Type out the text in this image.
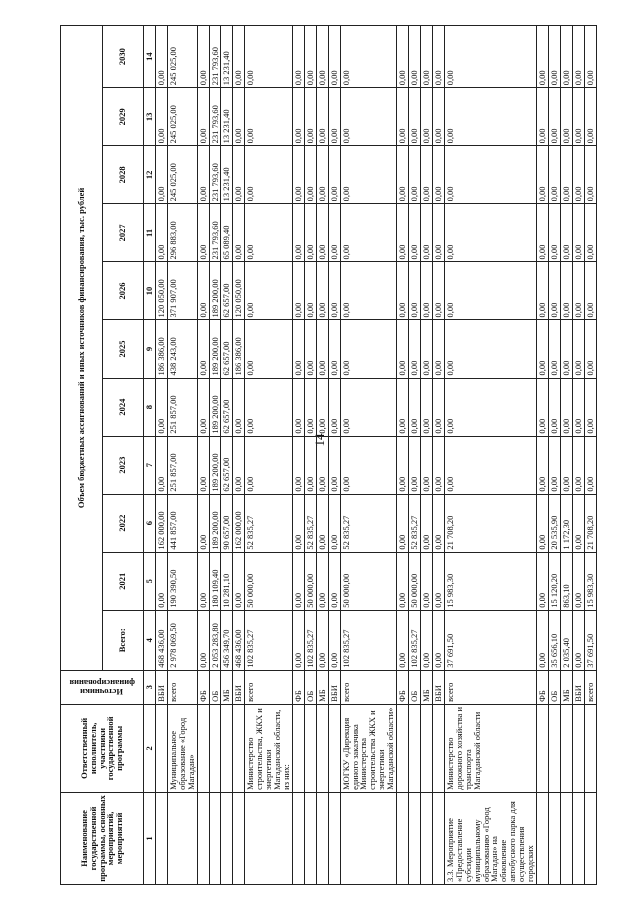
14
Наименование государственной программы, основных мероприятий, мероприятий	Ответственный исполнитель, участники государственной программы	Источники финансирования	Объем бюджетных ассигнований и иных источников финансирования, тыс. рублей										
			Всего:	2021	2022	2023	2024	2025	2026	2027	2028	2029	2030
1	2	3	4	5	6	7	8	9	10	11	12	13	14
		ВБИ	468 436,00	0,00	162 000,00	0,00	0,00	186 386,00	120 050,00	0,00	0,00	0,00	0,00
	Муниципальное образование «Город Магадан»	всего	2 978 069,50	190 390,50	441 857,00	251 857,00	251 857,00	438 243,00	371 907,00	296 883,00	245 025,00	245 025,00	245 025,00
		ФБ	0,00	0,00	0,00	0,00	0,00	0,00	0,00	0,00	0,00	0,00	0,00
		ОБ	2 053 283,80	180 109,40	189 200,00	189 200,00	189 200,00	189 200,00	189 200,00	231 793,60	231 793,60	231 793,60	231 793,60
		МБ	456 349,70	10 281,10	90 657,00	62 657,00	62 657,00	62 657,00	62 657,00	65 089,40	13 231,40	13 231,40	13 231,40
		ВБИ	468 436,00	0,00	162 000,00	0,00	0,00	186 386,00	120 050,00	0,00	0,00	0,00	0,00
	Министерство строительства, ЖКХ и энергетики Магаданской области, из них:	всего	102 835,27	50 000,00	52 835,27	0,00	0,00	0,00	0,00	0,00	0,00	0,00	0,00
		ФБ	0,00	0,00	0,00	0,00	0,00	0,00	0,00	0,00	0,00	0,00	0,00
		ОБ	102 835,27	50 000,00	52 835,27	0,00	0,00	0,00	0,00	0,00	0,00	0,00	0,00
		МБ	0,00	0,00	0,00	0,00	0,00	0,00	0,00	0,00	0,00	0,00	0,00
		ВБИ	0,00	0,00	0,00	0,00	0,00	0,00	0,00	0,00	0,00	0,00	0,00
	МОГКУ «Дирекция единого заказчика Министерства строительства ЖКХ и энергетики Магаданской области»	всего	102 835,27	50 000,00	52 835,27	0,00	0,00	0,00	0,00	0,00	0,00	0,00	0,00
		ФБ	0,00	0,00	0,00	0,00	0,00	0,00	0,00	0,00	0,00	0,00	0,00
		ОБ	102 835,27	50 000,00	52 835,27	0,00	0,00	0,00	0,00	0,00	0,00	0,00	0,00
		МБ	0,00	0,00	0,00	0,00	0,00	0,00	0,00	0,00	0,00	0,00	0,00
		ВБИ	0,00	0,00	0,00	0,00	0,00	0,00	0,00	0,00	0,00	0,00	0,00
3.3. Мероприятие «Предоставление субсидии муниципальному образованию «Город Магадан» на обновление автобусного парка для осуществления городских	Министерство дорожного хозяйства и транспорта Магаданской области	всего	37 691,50	15 983,30	21 708,20	0,00	0,00	0,00	0,00	0,00	0,00	0,00	0,00
		ФБ	0,00	0,00	0,00	0,00	0,00	0,00	0,00	0,00	0,00	0,00	0,00
		ОБ	35 656,10	15 120,20	20 535,90	0,00	0,00	0,00	0,00	0,00	0,00	0,00	0,00
		МБ	2 035,40	863,10	1 172,30	0,00	0,00	0,00	0,00	0,00	0,00	0,00	0,00
		ВБИ	0,00	0,00	0,00	0,00	0,00	0,00	0,00	0,00	0,00	0,00	0,00
		всего	37 691,50	15 983,30	21 708,20	0,00	0,00	0,00	0,00	0,00	0,00	0,00	0,00
